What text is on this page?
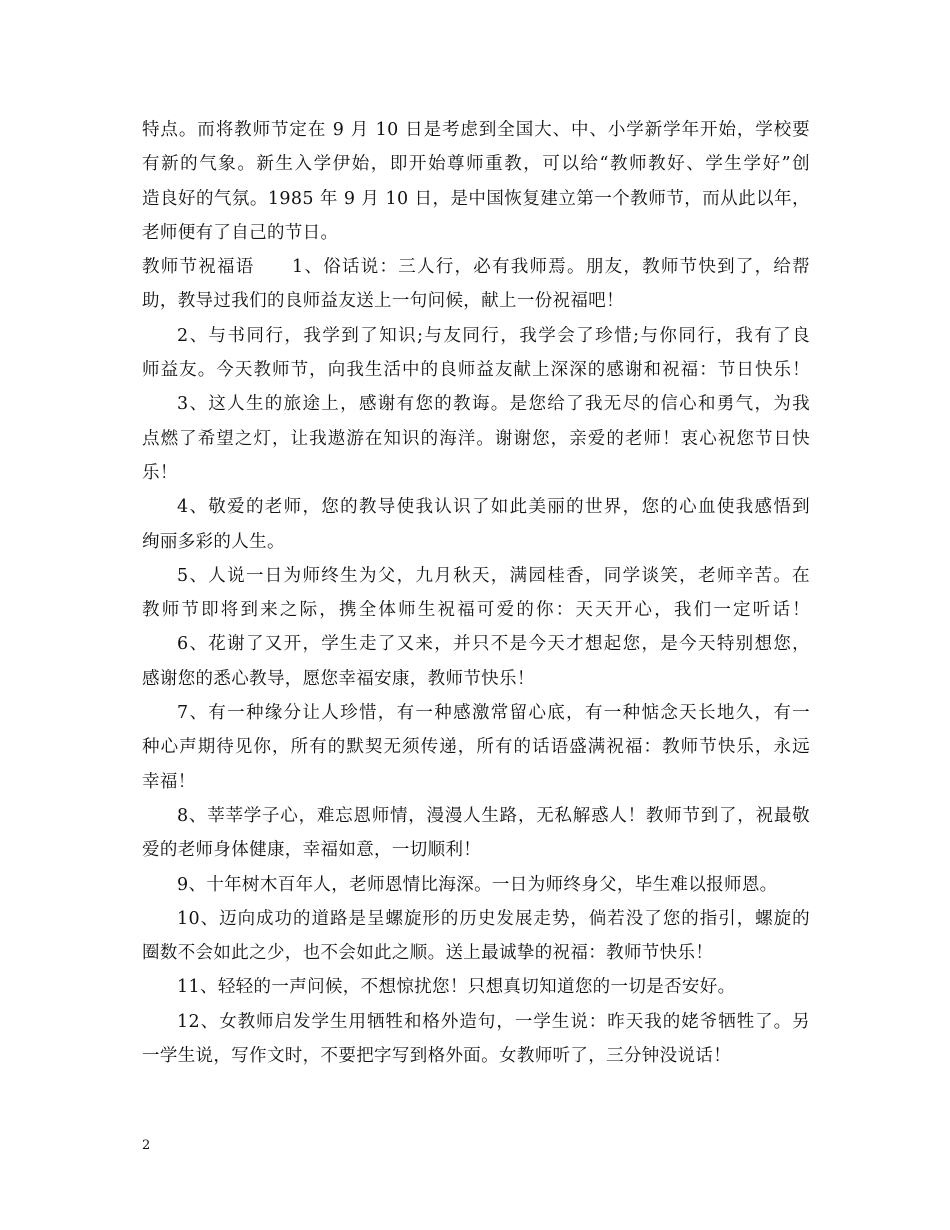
特点。而将教师节定在 9 月 10 日是考虑到全国大、中、小学新学年开始，学校要
有新的气象。新生入学伊始，即开始尊师重教，可以给“教师教好、学生学好”创
造良好的气氛。1985 年 9 月 10 日，是中国恢复建立第一个教师节，而从此以年，
老师便有了自己的节日。
教师节祝福语　　1、俗话说：三人行，必有我师焉。朋友，教师节快到了，给帮
助，教导过我们的良师益友送上一句问候，献上一份祝福吧！
2、与书同行，我学到了知识;与友同行，我学会了珍惜;与你同行，我有了良
师益友。今天教师节，向我生活中的良师益友献上深深的感谢和祝福：节日快乐！
3、这人生的旅途上，感谢有您的教诲。是您给了我无尽的信心和勇气，为我
点燃了希望之灯，让我遨游在知识的海洋。谢谢您，亲爱的老师！衷心祝您节日快
乐！
4、敬爱的老师，您的教导使我认识了如此美丽的世界，您的心血使我感悟到
绚丽多彩的人生。
5、人说一日为师终生为父，九月秋天，满园桂香，同学谈笑，老师辛苦。在
教师节即将到来之际，携全体师生祝福可爱的你：天天开心，我们一定听话！
6、花谢了又开，学生走了又来，并只不是今天才想起您，是今天特别想您，
感谢您的悉心教导，愿您幸福安康，教师节快乐！
7、有一种缘分让人珍惜，有一种感激常留心底，有一种惦念天长地久，有一
种心声期待见你，所有的默契无须传递，所有的话语盛满祝福：教师节快乐，永远
幸福！
8、莘莘学子心，难忘恩师情，漫漫人生路，无私解惑人！教师节到了，祝最敬
爱的老师身体健康，幸福如意，一切顺利！
9、十年树木百年人，老师恩情比海深。一日为师终身父，毕生难以报师恩。
10、迈向成功的道路是呈螺旋形的历史发展走势，倘若没了您的指引，螺旋的
圈数不会如此之少，也不会如此之顺。送上最诚挚的祝福：教师节快乐！
11、轻轻的一声问候，不想惊扰您！只想真切知道您的一切是否安好。
12、女教师启发学生用牺牲和格外造句，一学生说：昨天我的姥爷牺牲了。另
一学生说，写作文时，不要把字写到格外面。女教师听了，三分钟没说话！
2
